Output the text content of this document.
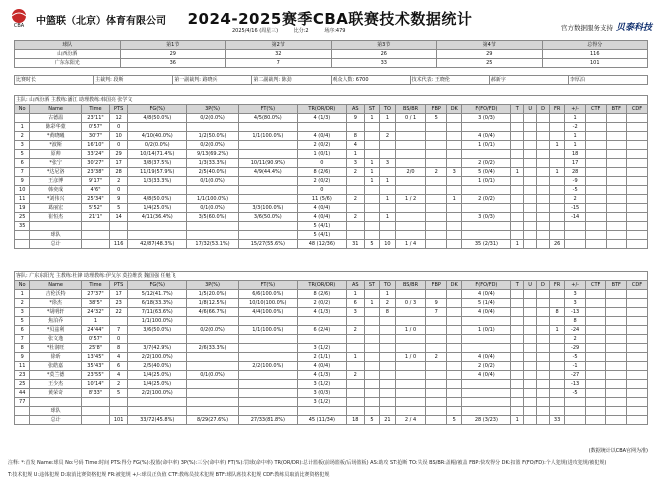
CBA 中篮联（北京）体育有限公司	2024-2025赛季CBA联赛技术数据统计
2025/4/16 (周星三)	比分:2	场序:479	官方数据服务支持 贝泰科技
球队	第1节	第2节	第3节	第4节	总得分
山西汾酒	29	32	26	29	116
广东东阳光	36	7	33	25	101
比赛时长	主裁判: 段斯	第一副裁判: 路晓兵	第二副裁判: 陈劲	观众人数: 6700	技术代表: 王晓伦	郝新宇	李厚泊
主队: 山西汾酒 主教练:潘江 助理教练:韩国亮 张学文																						
No	Name	Time	PTS	FG(%)	3P(%)	FT(%)	TR(OR/DR)	AS	ST	TO	BS/BR	FBP	DK	F(FO/FD)	T	U	D	FR	+/-	CTF	BTF	CDF
	古德温	23'11"	12	4/8(50.0%)	0/2(0.0%)	4/5(80.0%)	4 (1/3)	9	1	1	0 / 1	5		3 (0/3)					1			
1	陈彩华蒙	0'57"	0																-2			
2	*黄晓曦	30'7"	10	4/10(40.0%)	1/2(50.0%)	1/1(100.0%)	4 (0/4)	8		2				4 (0/4)					1			
3	*波斯	16'10"	0	0/2(0.0%)	0/2(0.0%)		2 (0/2)	4						1 (0/1)				1	1			
5	原帅	33'24"	29	10/14(71.4%)	9/13(69.2%)		1 (0/1)	1											18			
6	*张宁	30'27"	17	3/8(37.5%)	1/3(33.3%)	10/11(90.9%)	0	3	1	3				2 (0/2)					17			
7	*达尼洛	23'38"	28	11/19(57.9%)	2/5(40.0%)	4/9(44.4%)	8 (2/6)	2	1		2/0	2	3	5 (0/4)	1			1	28			
9	王彦博	9'17"	2	1/3(33.3%)	0/1(0.0%)		2 (0/2)		1	1				1 (0/1)					-9			
10	韩奕成	4'6"	0				0												-5			
11	*刘伟兴	25'34"	9	4/8(50.0%)	1/1(100.0%)		11 (5/6)	2		1	1 / 2		1	2 (0/2)					2			
19	葛丽宏	5'52"	5	1/4(25.0%)	0/1(0.0%)	3/3(100.0%)	4 (0/4)												-15			
25	崔恒杰	21'1"	14	4/11(36.4%)	3/5(60.0%)	3/6(50.0%)	4 (0/4)	2		1				3 (0/3)					-14			
35							5 (4/1)															
	球队						5 (4/1)															
	总计		116	42/87(48.3%)	17/32(53.1%)	15/27(55.6%)	48 (12/36)	31	5	10	1 / 4			35 (2/31)	1			26				
客队: 广东东阳光 主教练:杜锋 助理教练:伊戈尔 莫拉维茨 魏国强 任魁飞																						
No	Name	Time	PTS	FG(%)	3P(%)	FT(%)	TR(OR/DR)	AS	ST	TO	BS/BR	FBP	DK	F(FO/FD)	T	U	D	FR	+/-	CTF	BTF	CDF
1	吉伦沃特	27'37"	17	5/12(41.7%)	1/5(20.0%)	6/6(100.0%)	8 (2/6)	1		1				4 (0/4)					3			
2	*徐杰	38'5"	23	6/18(33.3%)	1/8(12.5%)	10/10(100.0%)	2 (0/2)	6	1	2	0 / 3	9		5 (1/4)					3			
3	*胡明轩	24'32"	22	7/11(63.6%)	4/6(66.7%)	4/4(100.0%)	4 (1/3)	3		8		7		4 (0/4)				8	-13			
5	焦泊乔	1		1/1(100.0%)															8			
6	*贝兹利	24'44"	7	3/6(50.0%)	0/2(0.0%)	1/1(100.0%)	6 (2/4)	2			1 / 0			1 (0/1)				1	-24			
7	张文逸	0'57"	0																2			
8	*杜润旺	25'8"	8	3/7(42.9%)	2/6(33.3%)		3 (1/2)												-29			
9	徐昕	13'45"	4	2/2(100.0%)			2 (1/1)	1			1 / 0	2		4 (0/4)					-5			
11	张皓嘉	35'43"	6	2/5(40.0%)		2/2(100.0%)	4 (0/4)							2 (0/2)					-1			
23	*莫兰德	23'55"	4	1/4(25.0%)	0/1(0.0%)		4 (1/3)	2						4 (0/4)					-27			
25	王少杰	10'14"	2	1/4(25.0%)			3 (1/2)												-13			
44	黄荣奇	8'33"	5	2/2(100.0%)			3 (0/3)												-5			
77							3 (1/2)															
	球队																					
	总计		101	33/72(45.8%)	8/29(27.6%)	27/33(81.8%)	45 (11/34)	18	5	21	2 / 4		5	28 (3/23)	1			33				
(数据统计以CBA官网为准)
注释: *:首发 Name:球员 No:号码 Time:时间 PTS:得分 FG(%):投篮(命中率) 3P(%):三分(命中率) FT(%):罚球(命中率) TR(OR/DR):总计篮板(前场篮板/后场篮板) AS:助攻 ST:抢断 TO:失误 BS/BR:盖帽/被盖 FBP:快攻得分 DK:扣篮 F(FO/FD):个人犯规(进攻犯规/被犯规)
T:技术犯规 U:违体犯规 D:取消比赛资格犯规 FR:被犯规 +/-:球员正负值 CTF:教练员技术犯规 BTF:球队席技术犯规 CDF:教练员取消比赛资格犯规
